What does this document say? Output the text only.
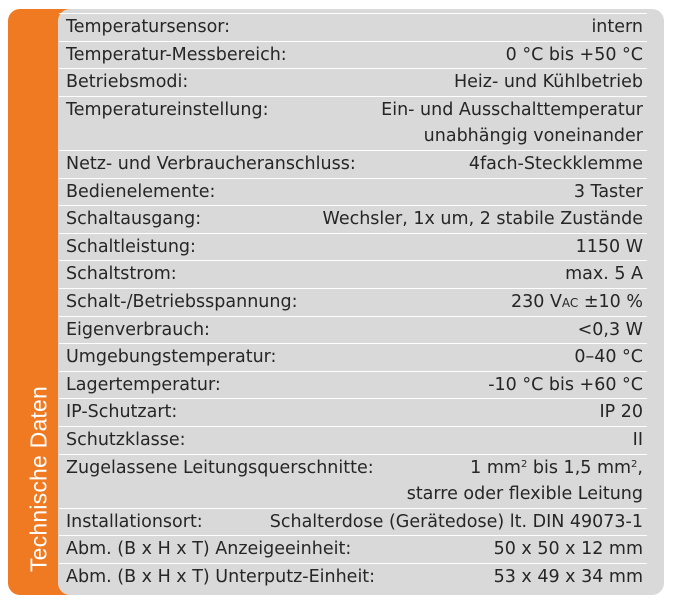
Technische Daten
Temperatursensor:	intern
Temperatur-Messbereich:	0 °C bis +50 °C
Betriebsmodi:	Heiz- und Kühlbetrieb
Temperatureinstellung:	Ein- und Ausschalttemperatur
unabhängig voneinander
Netz- und Verbraucheranschluss:	4fach-Steckklemme
Bedienelemente:	3 Taster
Schaltausgang:	Wechsler, 1x um, 2 stabile Zustände
Schaltleistung:	1150 W
Schaltstrom:	max. 5 A
Schalt-/Betriebsspannung:	230 VAC ±10 %
Eigenverbrauch:	<0,3 W
Umgebungstemperatur:	0–40 °C
Lagertemperatur:	-10 °C bis +60 °C
IP-Schutzart:	IP 20
Schutzklasse:	II
Zugelassene Leitungsquerschnitte:	1 $mm^2$ bis 1,5 $mm^2$,
starre oder flexible Leitung
Installationsort:	Schalterdose (Gerätedose) lt. DIN 49073-1
Abm. (B x H x T) Anzeigeeinheit:	50 x 50 x 12 mm
Abm. (B x H x T) Unterputz-Einheit:	53 x 49 x 34 mm
